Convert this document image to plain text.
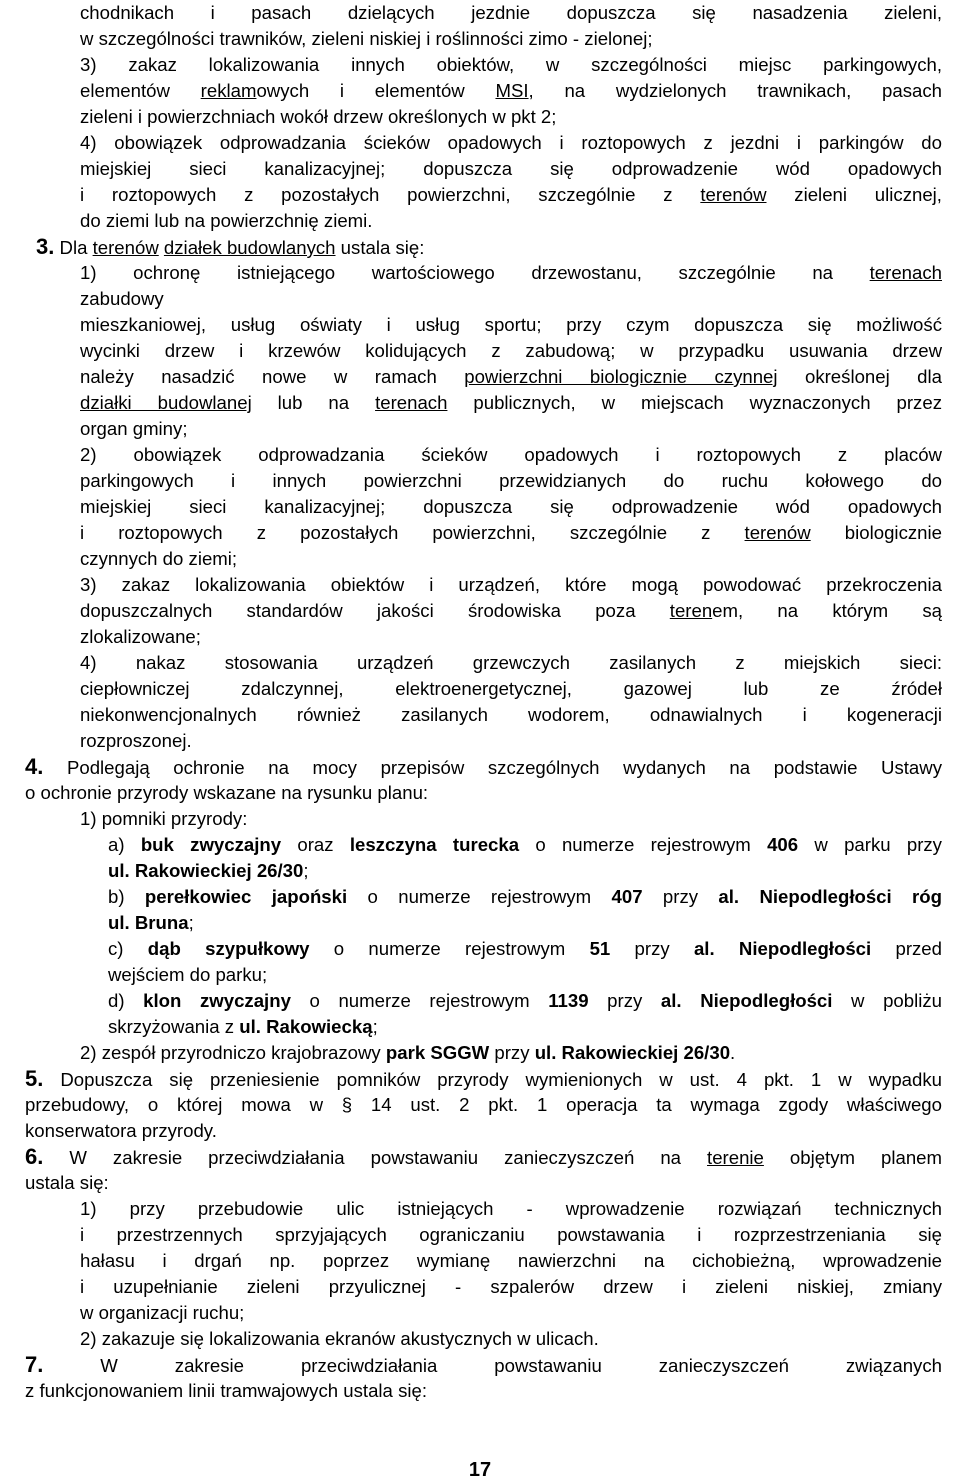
chodnikach i pasach dzielących jezdnie dopuszcza się nasadzenia zieleni,
w szczególności trawników, zieleni niskiej i roślinności zimo - zielonej;
3) zakaz lokalizowania innych obiektów, w szczególności miejsc parkingowych,
elementów reklamowych i elementów MSI, na wydzielonych trawnikach, pasach
zieleni i powierzchniach wokół drzew określonych w pkt 2;
4) obowiązek odprowadzania ścieków opadowych i roztopowych z jezdni i parkingów do
miejskiej sieci kanalizacyjnej; dopuszcza się odprowadzenie wód opadowych
i roztopowych z pozostałych powierzchni, szczególnie z terenów zieleni ulicznej,
do ziemi lub na powierzchnię ziemi.
3. Dla terenów działek budowlanych ustala się:
1) ochronę istniejącego wartościowego drzewostanu, szczególnie na terenach
zabudowy
mieszkaniowej, usług oświaty i usług sportu; przy czym dopuszcza się możliwość
wycinki drzew i krzewów kolidujących z zabudową; w przypadku usuwania drzew
należy nasadzić nowe w ramach powierzchni biologicznie czynnej określonej dla
działki budowlanej lub na terenach publicznych, w miejscach wyznaczonych przez
organ gminy;
2) obowiązek odprowadzania ścieków opadowych i roztopowych z placów
parkingowych i innych powierzchni przewidzianych do ruchu kołowego do
miejskiej sieci kanalizacyjnej; dopuszcza się odprowadzenie wód opadowych
i roztopowych z pozostałych powierzchni, szczególnie z terenów biologicznie
czynnych do ziemi;
3) zakaz lokalizowania obiektów i urządzeń, które mogą powodować przekroczenia
dopuszczalnych standardów jakości środowiska poza terenem, na którym są
zlokalizowane;
4) nakaz stosowania urządzeń grzewczych zasilanych z miejskich sieci:
ciepłowniczej zdalczynnej, elektroenergetycznej, gazowej lub ze źródeł
niekonwencjonalnych również zasilanych wodorem, odnawialnych i kogeneracji
rozproszonej.
4. Podlegają ochronie na mocy przepisów szczególnych wydanych na podstawie Ustawy
o ochronie przyrody wskazane na rysunku planu:
1) pomniki przyrody:
a) buk zwyczajny oraz leszczyna turecka o numerze rejestrowym 406 w parku przy
ul. Rakowieckiej 26/30;
b) perełkowiec japoński o numerze rejestrowym 407 przy al. Niepodległości róg
ul. Bruna;
c) dąb szypułkowy o numerze rejestrowym 51 przy al. Niepodległości przed
wejściem do parku;
d) klon zwyczajny o numerze rejestrowym 1139 przy al. Niepodległości w pobliżu
skrzyżowania z ul. Rakowiecką;
2) zespół przyrodniczo krajobrazowy park SGGW przy ul. Rakowieckiej 26/30.
5. Dopuszcza się przeniesienie pomników przyrody wymienionych w ust. 4 pkt. 1 w wypadku
przebudowy, o której mowa w § 14 ust. 2 pkt. 1 operacja ta wymaga zgody właściwego
konserwatora przyrody.
6. W zakresie przeciwdziałania powstawaniu zanieczyszczeń na terenie objętym planem
ustala się:
1) przy przebudowie ulic istniejących - wprowadzenie rozwiązań technicznych
i przestrzennych sprzyjających ograniczaniu powstawania i rozprzestrzeniania się
hałasu i drgań np. poprzez wymianę nawierzchni na cichobieżną, wprowadzenie
i uzupełnianie zieleni przyulicznej - szpalerów drzew i zieleni niskiej, zmiany
w organizacji ruchu;
2) zakazuje się lokalizowania ekranów akustycznych w ulicach.
7. W zakresie przeciwdziałania powstawaniu zanieczyszczeń związanych
z funkcjonowaniem linii tramwajowych ustala się:
17
